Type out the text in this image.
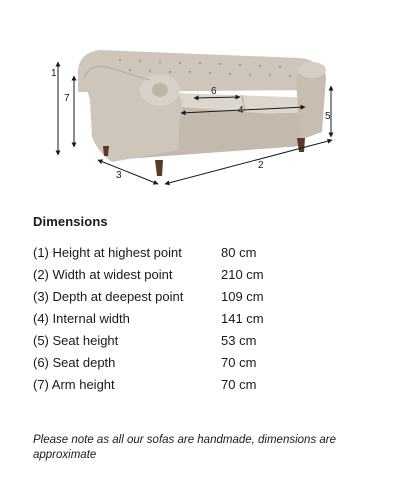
1
7
3
2
5
4
6
Dimensions
(1) Height at highest point	80 cm
(2) Width at widest point	210 cm
(3) Depth at deepest point	109 cm
(4) Internal width	141 cm
(5) Seat height	53 cm
(6) Seat depth	70 cm
(7) Arm height	70 cm
Please note as all our sofas are handmade, dimensions are approximate
